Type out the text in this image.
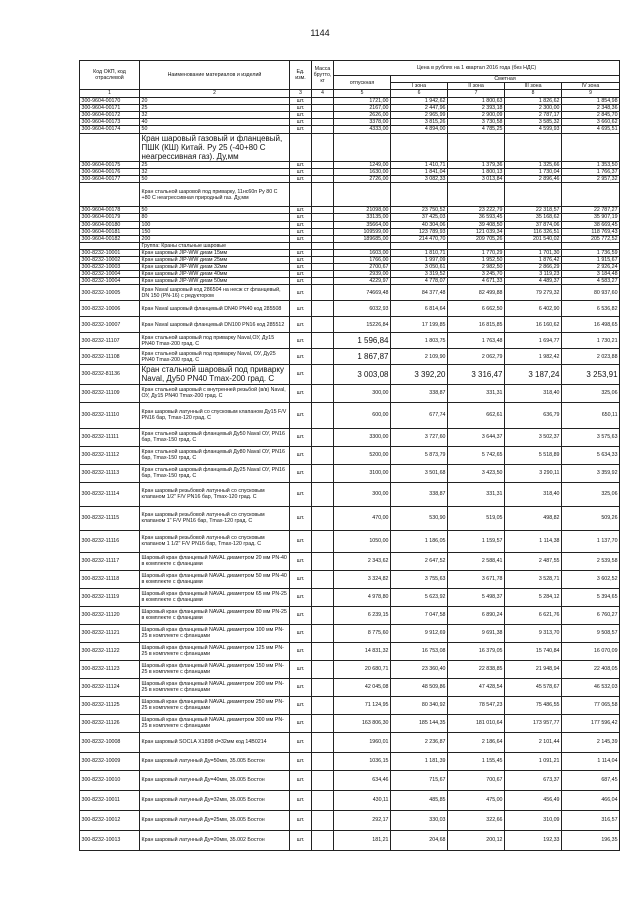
1144
Код ОКП, код отраслевой	Наименование материалов и изделий	Ед. изм.	Масса брутто, кг	Цена в рублях на 1 квартал 2016 года (без НДС)				
				отпускная	Сметная			
					I зона	II зона	III зона	IV зона
1	2	3	4	5	6	7	8	9
300-9604-00170	20	шт.		1721,00	1 942,62	1 800,63	1 826,62	1 854,98
300-9604-00171	25	шт.		2167,00	2 447,96	2 393,18	2 300,00	2 348,36
300-9604-00172	32	шт.		2626,00	2 965,99	2 900,09	2 787,17	2 845,70
300-9604-00173	40	шт.		3378,00	3 815,26	3 730,58	3 585,32	3 660,62
300-9604-00174	50	шт.		4333,00	4 894,00	4 785,25	4 599,93	4 695,51
	Кран шаровый газовый и фланцевый, ПШК (КШ) Китай. Ру 25 (-40+80 С неагрессивная газ). Ду,мм							
300-9604-00175	25	шт.		1249,00	1 410,71	1 379,36	1 325,66	1 353,50
300-9604-00176	32	шт.		1630,00	1 841,04	1 800,13	1 730,04	1 766,37
300-9604-00177	50	шт.		2726,00	3 082,33	3 013,84	2 896,46	2 957,32
	Кран стальной шаровой под приварку, 11нс60п Ру 80 С +80 С неагрессивная природный газ. Ду,мм							
300-9604-00178	50	шт.		21098,00	23 750,52	23 222,79	22 318,57	22 787,27
300-9604-00179	80	шт.		33135,00	37 425,03	36 593,45	35 168,62	35 907,19
300-9604-00180	100	шт.		35664,00	40 304,06	39 408,50	37 874,06	38 669,45
300-9604-00181	150	шт.		109599,00	123 789,93	121 039,34	116 326,51	118 769,43
300-9604-00182	200	шт.		189685,00	214 470,70	209 705,26	201 540,02	205 772,52
	Группа: Краны стальные шаровые							
300-8232-10001	Кран шаровый JIP-WW диам 15мм	шт.		1603,00	1 810,71	1 770,29	1 701,30	1 736,59
300-8232-10002	Кран шаровый JIP-WW диам 25мм	шт.		1766,00	1 997,09	1 952,50	1 876,42	1 915,67
300-8232-10003	Кран шаровый JIP-WW диам 32мм	шт.		2700,67	3 050,61	2 982,50	2 866,29	2 926,24
300-8232-10004	Кран шаровый JIP-WW диам 40мм	шт.		2939,00	3 319,52	3 245,70	3 119,23	3 184,48
300-8232-10004	Кран шаровый JIP-WW диам 50мм	шт.		4229,97	4 778,07	4 671,33	4 489,37	4 583,27
300-8232-10005	Кран Naval шаровый код 286504 на несж ст фланцевый, DN 150 (PN-16) с редуктором	шт.		74669,48	84 377,48	82 499,88	79 279,32	80 937,60
300-8232-10006	Кран Naval шаровый фланцевый DN40 PN40 код 285508	шт.		6032,93	6 814,64	6 662,50	6 402,90	6 536,82
300-8232-10007	Кран Naval шаровый фланцевый DN100 PN16 код 285512	шт.		15226,84	17 199,85	16 815,85	16 160,62	16 498,65
300-8232-11107	Кран стальной шаровый под приварку Naval,ОУ, Ду15 PN40 Tmax-200 град. С	шт.		1 596,84	1 803,75	1 763,48	1 694,77	1 730,21
300-8232-11108	Кран стальной шаровый под приварку Naval, ОУ, Ду25 PN40 Tmax-200 град. С	шт.		1 867,87	2 109,90	2 062,79	1 982,42	2 023,88
300-8232-81136	Кран стальной шаровый под приварку Naval, Ду50 PN40 Tmax-200 град. С	шт.		3 003,08	3 392,20	3 316,47	3 187,24	3 253,91
300-8232-11109	Кран стальной шаровый с внутренней резьбой (в/в) Naval, ОУ, Ду15 PN40 Tmax-200 град. С	шт.		300,00	338,87	331,31	318,40	325,06
300-8232-11110	Кран шаровый латунный со спусковым клапаном Ду15 F/V PN16 бар, Tmax-120 град. С	шт.		600,00	677,74	662,61	636,79	650,11
300-8232-11111	Кран стальной шаровый фланцевый Ду50 Naval ОУ, PN16 бар, Tmax-150 град. С	шт.		3300,00	3 727,60	3 644,37	3 502,37	3 575,63
300-8232-11112	Кран стальной шаровый фланцевый Ду80 Naval ОУ, PN16 бар, Tmax-150 град. С	шт.		5200,00	5 873,79	5 742,65	5 518,89	5 634,33
300-8232-11113	Кран стальной шаровый фланцевый Ду25 Naval ОУ, PN16 бар, Tmax-150 град. С	шт.		3100,00	3 501,68	3 423,50	3 290,11	3 359,92
300-8232-11114	Кран шаровый резьбовой латунный со спусковым клапаном 1/2" F/V PN16 бар, Tmax-120 град. С	шт.		300,00	338,87	331,31	318,40	325,06
300-8232-11115	Кран шаровый резьбовой латунный со спусковым клапаном 1" F/V PN16 бар, Tmax-120 град. С	шт.		470,00	530,90	519,05	498,82	509,26
300-8232-11116	Кран шаровый резьбовой латунный со спусковым клапаном 1 1/2" F/V PN16 бар, Tmax-120 град. С	шт.		1050,00	1 186,05	1 159,57	1 114,38	1 137,70
300-8232-11117	Шаровый кран фланцевый NAVAL диаметром 20 мм PN-40 в комплекте с фланцами	шт.		2 343,62	2 647,52	2 588,41	2 487,55	2 539,58
300-8232-11118	Шаровый кран фланцевый NAVAL диаметром 50 мм PN-40 в комплекте с фланцами	шт.		3 324,82	3 755,63	3 671,78	3 528,71	3 602,52
300-8232-11119	Шаровый кран фланцевый NAVAL диаметром 65 мм PN-25 в комплекте с фланцами	шт.		4 978,80	5 623,92	5 498,37	5 284,12	5 394,65
300-8232-11120	Шаровый кран фланцевый NAVAL диаметром 80 мм PN-25 в комплекте с фланцами	шт.		6 239,15	7 047,58	6 890,24	6 621,76	6 760,27
300-8232-11121	Шаровый кран фланцевый NAVAL диаметром 100 мм PN-25 в комплекте с фланцами	шт.		8 775,60	9 912,69	9 691,38	9 313,70	9 508,57
300-8232-11122	Шаровый кран фланцевый NAVAL диаметром 125 мм PN-25 в комплекте с фланцами	шт.		14 831,32	16 753,08	16 379,05	15 740,84	16 070,09
300-8232-11123	Шаровый кран фланцевый NAVAL диаметром 150 мм PN-25 в комплекте с фланцами	шт.		20 680,71	23 360,40	22 838,85	21 948,94	22 408,05
300-8232-11124	Шаровый кран фланцевый NAVAL диаметром 200 мм PN-25 в комплекте с фланцами	шт.		42 045,08	48 509,86	47 428,54	45 578,67	46 532,03
300-8232-11125	Шаровый кран фланцевый NAVAL диаметром 250 мм PN-25 в комплекте с фланцами	шт.		71 124,95	80 340,92	78 547,23	75 486,55	77 065,58
300-8232-11126	Шаровый кран фланцевый NAVAL диаметром 300 мм PN-25 в комплекте с фланцами	шт.		163 806,30	185 144,35	181 010,64	173 957,77	177 596,42
300-8232-10008	Кран шаровый SOCLA Х1898 d=32мм код 14B0214	шт.		1960,01	2 236,87	2 186,64	2 101,44	2 145,39
300-8232-10009	Кран шаровый латунный Ду=50мм, 35.005 Бостон	шт.		1036,15	1 181,39	1 155,45	1 091,21	1 114,04
300-8232-10010	Кран шаровый латунный Ду=40мм, 35.005 Бостон	шт.		634,46	715,67	700,67	673,37	687,45
300-8232-10011	Кран шаровый латунный Ду=32мм, 35.005 Бостон	шт.		430,11	485,85	475,00	456,49	466,04
300-8232-10012	Кран шаровый латунный Ду=25мм, 35.005 Бостон	шт.		292,17	330,03	322,66	310,09	316,57
300-8232-10013	Кран шаровый латунный Ду=20мм, 35.002 Бостон	шт.		181,21	204,68	200,12	192,33	196,35
